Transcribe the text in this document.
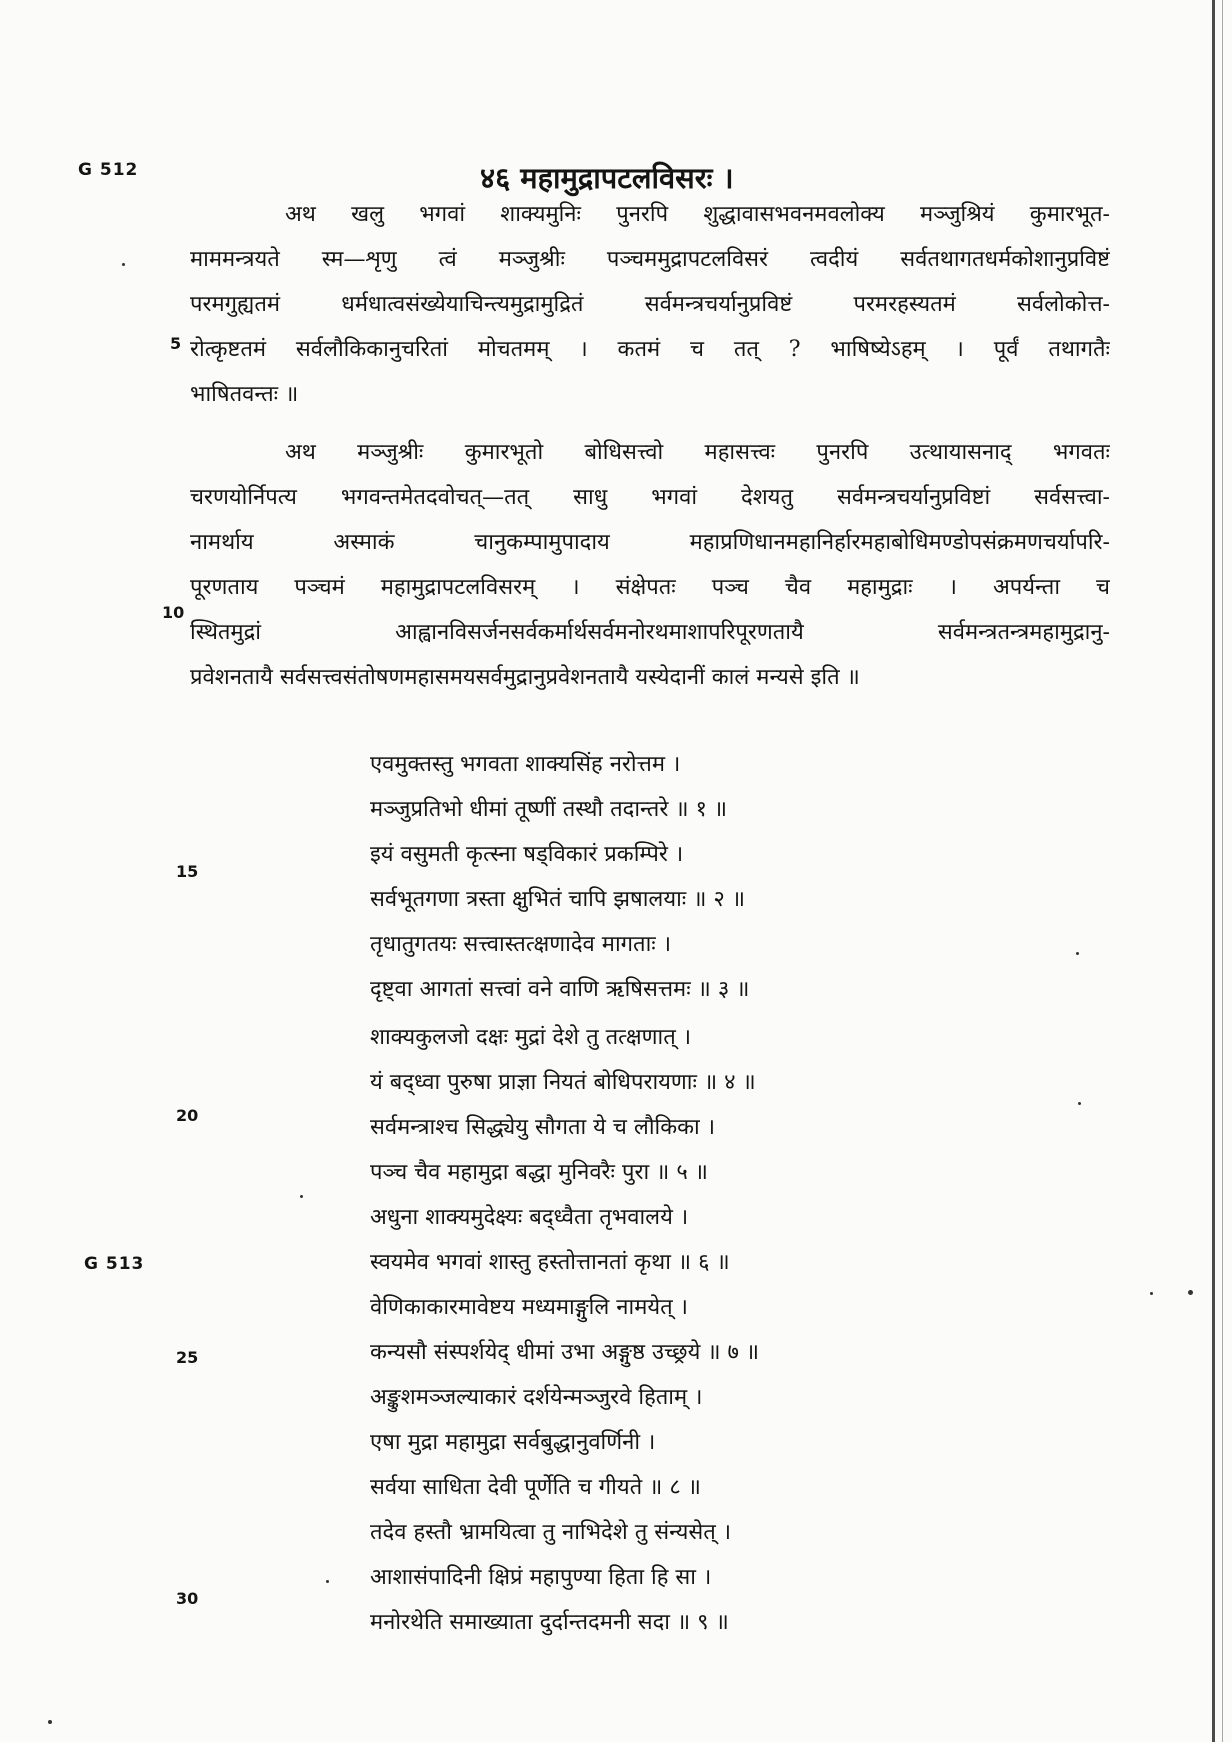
G 512	४६ महामुद्रापटलविसरः ।
अथ खलु भगवां शाक्यमुनिः पुनरपि शुद्धावासभवनमवलोक्य मञ्जुश्रियं कुमारभूत-
माममन्त्रयते स्म—शृणु त्वं मञ्जुश्रीः पञ्चममुद्रापटलविसरं त्वदीयं सर्वतथागतधर्मकोशानुप्रविष्टं
परमगुह्यतमं धर्मधात्वसंख्येयाचिन्त्यमुद्रामुद्रितं सर्वमन्त्रचर्यानुप्रविष्टं परमरहस्यतमं सर्वलोकोत्त-
रोत्कृष्टतमं सर्वलौकिकानुचरितां मोचतमम् । कतमं च तत् ? भाषिष्येऽहम् । पूर्वं तथागतैः
भाषितवन्तः ॥
5
अथ मञ्जुश्रीः कुमारभूतो बोधिसत्त्वो महासत्त्वः पुनरपि उत्थायासनाद् भगवतः
चरणयोर्निपत्य भगवन्तमेतदवोचत्—तत् साधु भगवां देशयतु सर्वमन्त्रचर्यानुप्रविष्टां सर्वसत्त्वा-
नामर्थाय अस्माकं चानुकम्पामुपादाय महाप्रणिधानमहानिर्हारमहाबोधिमण्डोपसंक्रमणचर्यापरि-
पूरणताय पञ्चमं महामुद्रापटलविसरम् । संक्षेपतः पञ्च चैव महामुद्राः । अपर्यन्ता च
स्थितमुद्रां आह्वानविसर्जनसर्वकर्मार्थसर्वमनोरथमाशापरिपूरणतायै सर्वमन्त्रतन्त्रमहामुद्रानु-
प्रवेशनतायै सर्वसत्त्वसंतोषणमहासमयसर्वमुद्रानुप्रवेशनतायै यस्येदानीं कालं मन्यसे इति ॥
10
एवमुक्तस्तु भगवता शाक्यसिंह नरोत्तम ।
मञ्जुप्रतिभो धीमां तूष्णीं तस्थौ तदान्तरे ॥ १ ॥
इयं वसुमती कृत्स्ना षड्विकारं प्रकम्पिरे ।
सर्वभूतगणा त्रस्ता क्षुभितं चापि झषालयाः ॥ २ ॥
तृधातुगतयः सत्त्वास्तत्क्षणादेव मागताः ।
दृष्ट्वा आगतां सत्त्वां वने वाणि ऋषिसत्तमः ॥ ३ ॥
शाक्यकुलजो दक्षः मुद्रां देशे तु तत्क्षणात् ।
यं बद्ध्वा पुरुषा प्राज्ञा नियतं बोधिपरायणाः ॥ ४ ॥
सर्वमन्त्राश्च सिद्ध्येयु सौगता ये च लौकिका ।
पञ्च चैव महामुद्रा बद्धा मुनिवरैः पुरा ॥ ५ ॥
अधुना शाक्यमुदेक्ष्यः बद्ध्वैता तृभवालये ।
स्वयमेव भगवां शास्तु हस्तोत्तानतां कृथा ॥ ६ ॥
वेणिकाकारमावेष्टय मध्यमाङ्गुलि नामयेत् ।
कन्यसौ संस्पर्शयेद् धीमां उभा अङ्गुष्ठ उच्छ्रये ॥ ७ ॥
अङ्कुशमञ्जल्याकारं दर्शयेन्मञ्जुरवे हिताम् ।
एषा मुद्रा महामुद्रा सर्वबुद्धानुवर्णिनी ।
सर्वया साधिता देवी पूर्णेति च गीयते ॥ ८ ॥
तदेव हस्तौ भ्रामयित्वा तु नाभिदेशे तु संन्यसेत् ।
आशासंपादिनी क्षिप्रं महापुण्या हिता हि सा ।
मनोरथेति समाख्याता दुर्दान्तदमनी सदा ॥ ९ ॥
15
20
25
30
G 513
